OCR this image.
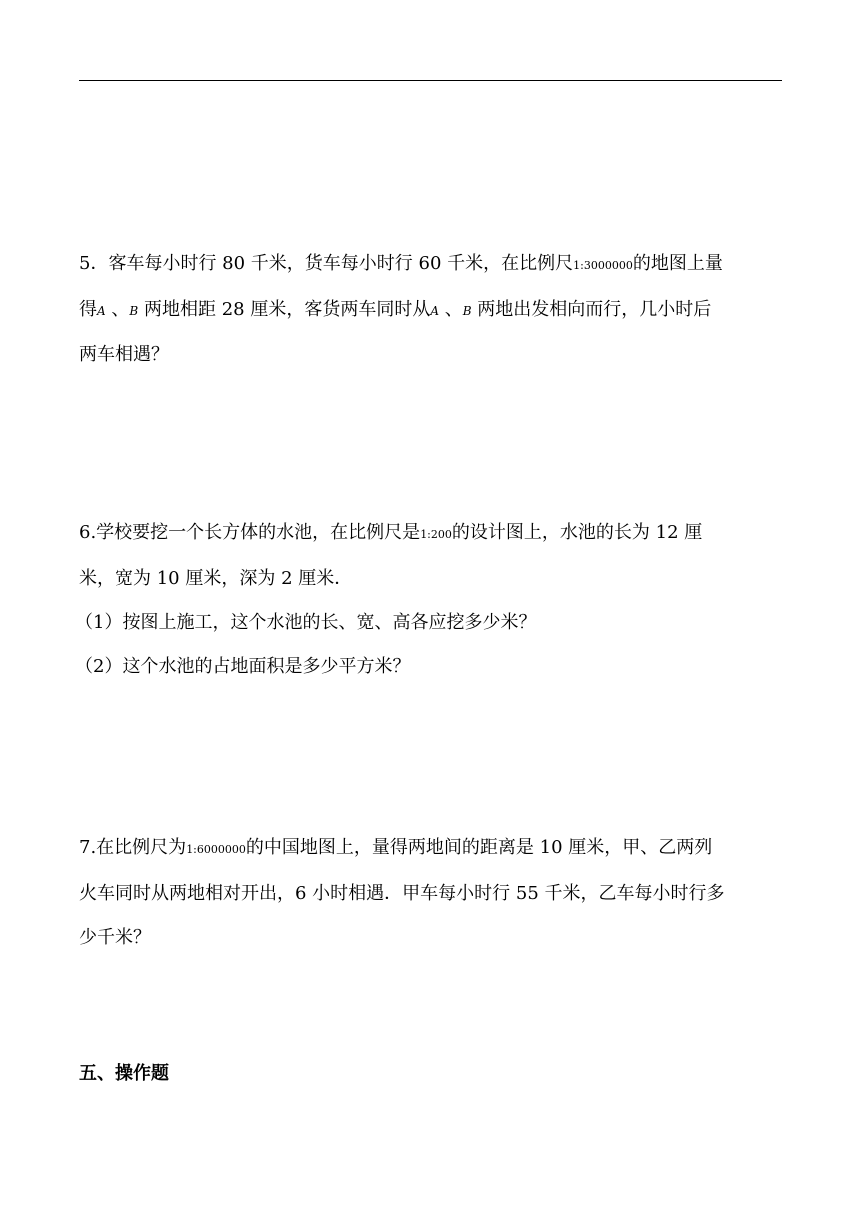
5．客车每小时行 80 千米，货车每小时行 60 千米，在比例尺1:3000000的地图上量
得A 、B 两地相距 28 厘米，客货两车同时从A 、B 两地出发相向而行，几小时后
两车相遇？
6.学校要挖一个长方体的水池，在比例尺是1:200的设计图上，水池的长为 12 厘
米，宽为 10 厘米，深为 2 厘米．
（1）按图上施工，这个水池的长、宽、高各应挖多少米？
（2）这个水池的占地面积是多少平方米？
7.在比例尺为1:6000000的中国地图上，量得两地间的距离是 10 厘米，甲、乙两列
火车同时从两地相对开出，6 小时相遇．甲车每小时行 55 千米，乙车每小时行多
少千米？
五、操作题
